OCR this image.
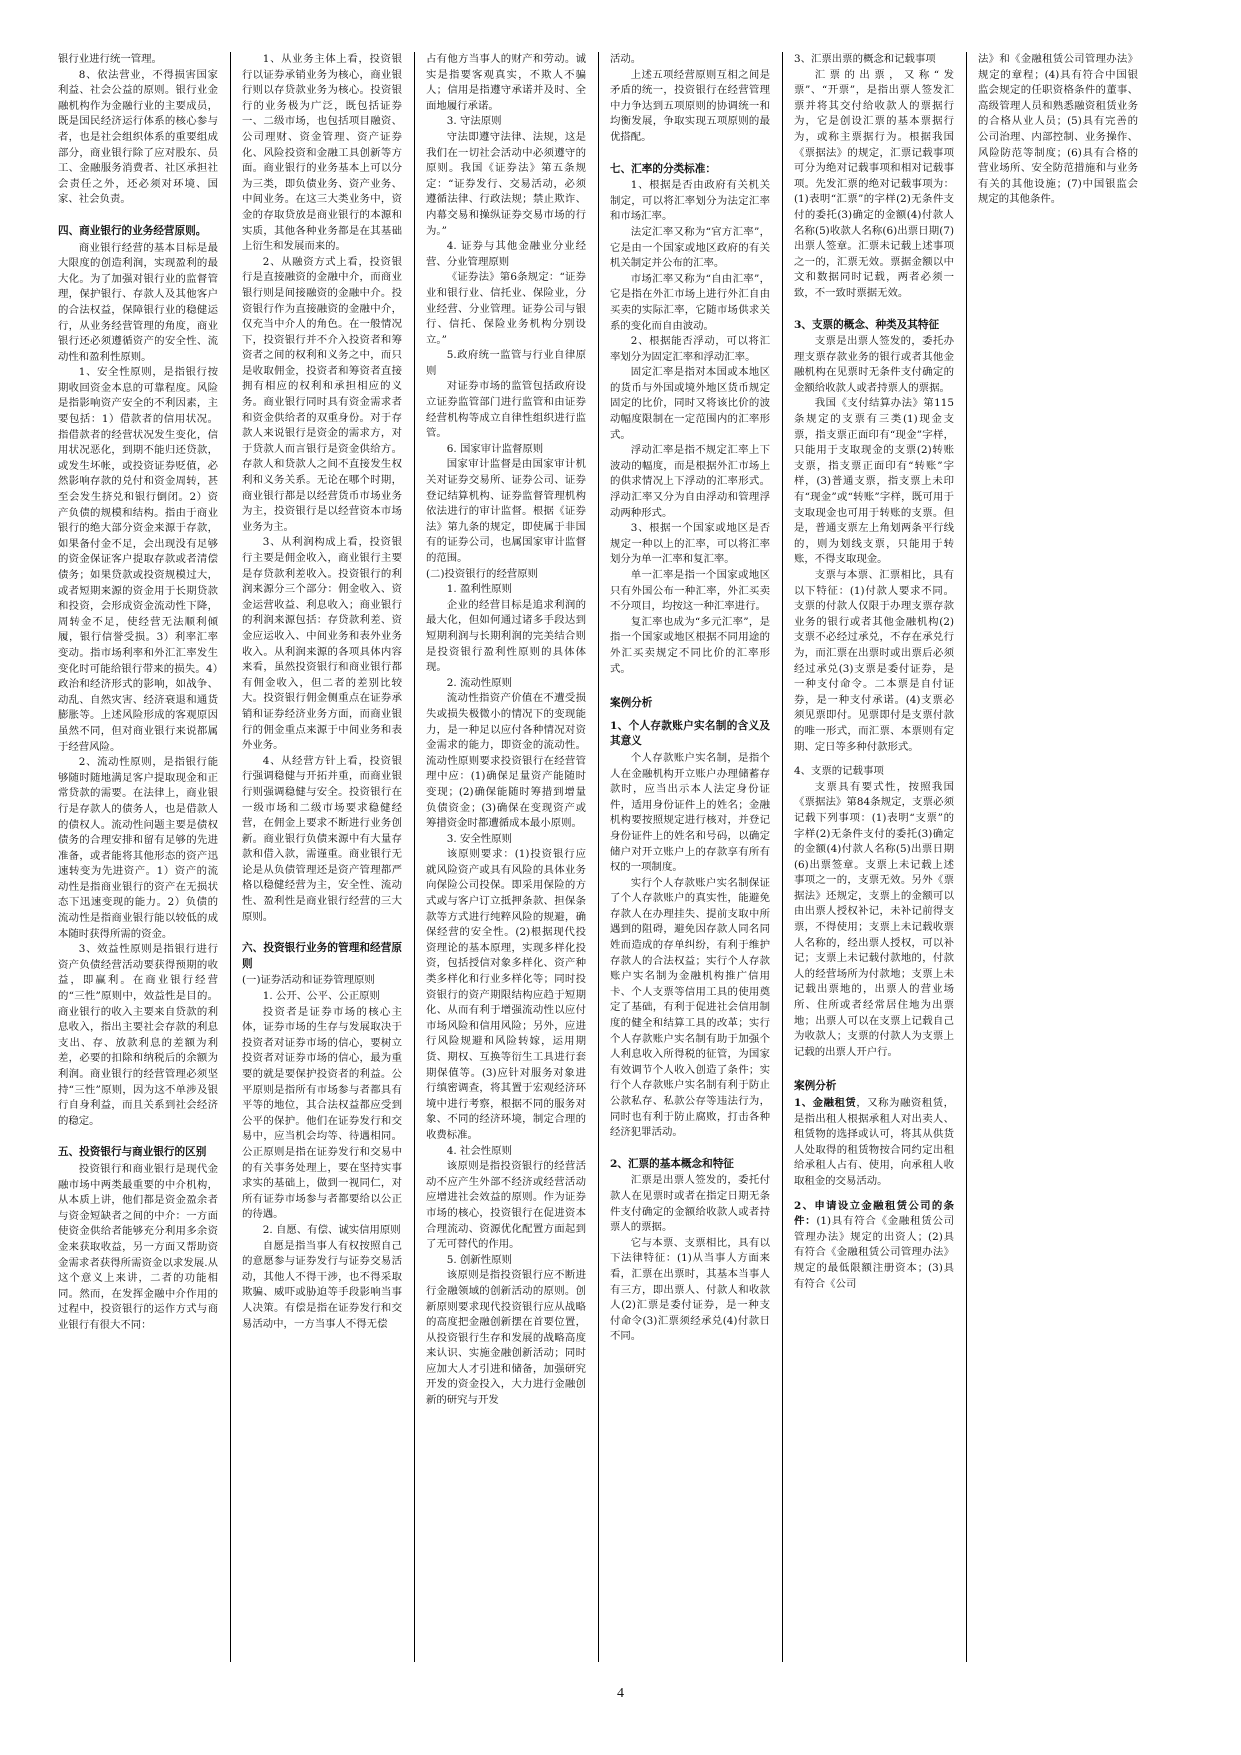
银行业进行统一管理。

8、依法营业，不得损害国家利益、社会公益的原则。银行业金融机构作为金融行业的主要成员，既是国民经济运行体系的核心参与者，也是社会组织体系的重要组成部分，商业银行除了应对股东、员工、金融服务消费者、社区承担社会责任之外，还必须对环境、国家、社会负责。

四、商业银行的业务经营原则。

商业银行经营的基本目标是最大限度的创造利润，实现盈利的最大化。为了加强对银行业的监督管理，保护银行、存款人及其他客户的合法权益，保障银行业的稳健运行，从业务经营管理的角度，商业银行还必须遵循资产的安全性、流动性和盈利性原则。

1、安全性原则，是指银行按期收回资金本息的可靠程度。风险是指影响资产安全的不利因素，主要包括：1）借款者的信用状况。指借款者的经营状况发生变化，信用状况恶化，到期不能归还贷款，或发生坏帐，或投资证券贬值，必然影响存款的兑付和资金周转，甚至会发生挤兑和银行倒闭。2）资产负债的规模和结构。指由于商业银行的绝大部分资金来源于存款，如果备付金不足，会出现没有足够的资金保证客户提取存款或者清偿债务；如果贷款或投资规模过大，或者短期来源的资金用于长期贷款和投资，会形成资金流动性下降，周转金不足，使经营无法顺利倾履，银行信誉受损。3）利率汇率变动。指市场利率和外汇汇率发生变化时可能给银行带来的损失。4）政治和经济形式的影响，如战争、动乱、自然灾害、经济衰退和通货膨胀等。上述风险形成的客观原因虽然不同，但对商业银行来说都属于经营风险。

2、流动性原则，是指银行能够随时随地满足客户提取现金和正常贷款的需要。在法律上，商业银行是存款人的债务人，也是借款人的债权人。流动性问题主要是债权债务的合理安排和留有足够的先进准备，或者能将其他形态的资产迅速转变为先进资产。1）资产的流动性是指商业银行的资产在无损状态下迅速变现的能力。2）负债的流动性是指商业银行能以较低的成本随时获得所需的资金。

3、效益性原则是指银行进行资产负债经营活动要获得预期的收益，即赢利。在商业银行经营的“三性”原则中，效益性是目的。商业银行的收入主要来自贷款的利息收入，指出主要社会存款的利息支出、存、放款利息的差额为利差，必要的扣除和纳税后的余额为利润。商业银行的经营管理必须坚持“三性”原则，因为这不单涉及银行自身利益，而且关系到社会经济的稳定。

五、投资银行与商业银行的区别

投资银行和商业银行是现代金融市场中两类最重要的中介机构，从本质上讲，他们都是资金盈余者与资金短缺者之间的中介：一方面使资金供给者能够充分利用多余资金来获取收益，另一方面又帮助资金需求者获得所需资金以求发展.从这个意义上来讲，二者的功能相同。然而，在发挥金融中介作用的过程中，投资银行的运作方式与商业银行有很大不同：

1、从业务主体上看，投资银行以证券承销业务为核心，商业银行则以存贷款业务为核心。投资银行的业务极为广泛，既包括证券一、二级市场，也包括项目融资、公司理财、资金管理、资产证券化、风险投资和金融工具创新等方面。商业银行的业务基本上可以分为三类，即负债业务、资产业务、中间业务。在这三大类业务中，资金的存取贷放是商业银行的本源和实质，其他各种业务都是在其基础上衍生和发展而来的。

2、从融资方式上看，投资银行是直接融资的金融中介，而商业银行则是间接融资的金融中介。投资银行作为直接融资的金融中介，仅充当中介人的角色。在一般情况下，投资银行并不介入投资者和筹资者之间的权利和义务之中，而只是收取佣金，投资者和筹资者直接拥有相应的权利和承担相应的义务。商业银行同时具有资金需求者和资金供给者的双重身份。对于存款人来说银行是资金的需求方，对于贷款人而言银行是资金供给方。存款人和贷款人之间不直接发生权利和义务关系。无论在哪个时期，商业银行都是以经营货币市场业务为主，投资银行是以经营资本市场业务为主。

3、从利润构成上看，投资银行主要是佣金收入，商业银行主要是存贷款利差收入。投资银行的利润来源分三个部分：佣金收入、资金运营收益、利息收入；商业银行的利润来源包括：存贷款利差、资金应运收入、中间业务和表外业务收入。从利润来源的各项具体内容来看，虽然投资银行和商业银行都有佣金收入，但二者的差别比较大。投资银行佣金侧重点在证券承销和证券经济业务方面，而商业银行的佣金重点来源于中间业务和表外业务。

4、从经营方针上看，投资银行强调稳健与开拓并重，而商业银行则强调稳健与安全。投资银行在一级市场和二级市场要求稳健经营，在佣金上要求不断进行业务创新。商业银行负债来源中有大量存款和借入款，需谨重。商业银行无论是从负债管理还是资产管理都严格以稳健经营为主，安全性、流动性、盈利性是商业银行经营的三大原则。

六、投资银行业务的管理和经营原则

(一)证券活动和证券管理原则

1. 公开、公平、公正原则

投资者是证券市场的核心主体，证券市场的生存与发展取决于投资者对证券市场的信心，要树立投资者对证券市场的信心，最为重要的就是要保护投资者的利益。公平原则是指所有市场参与者都具有平等的地位，其合法权益都应受到公平的保护。他们在证券发行和交易中，应当机会均等、待遇相同。公正原则是指在证券发行和交易中的有关事务处理上，要在坚持实事求实的基础上，做到一视同仁，对所有证券市场参与者都要给以公正的待遇。

2. 自愿、有偿、诚实信用原则

自愿是指当事人有权按照自己的意愿参与证券发行与证券交易活动，其他人不得干涉，也不得采取欺骗、威吓或胁迫等手段影响当事人决策。有偿是指在证券发行和交易活动中，一方当事人不得无偿

占有他方当事人的财产和劳动。诚实是指要客观真实，不欺人不骗人；信用是指遵守承诺并及时、全面地履行承诺。

3. 守法原则

守法即遵守法律、法规，这是我们在一切社会活动中必须遵守的原则。我国《证券法》第五条规定：“证券发行、交易活动，必须遵循法律、行政法规；禁止欺诈、内幕交易和操纵证券交易市场的行为。”

4. 证券与其他金融业分业经营、分业管理原则

《证券法》第6条规定：“证券业和银行业、信托业、保险业，分业经营、分业管理。证券公司与银行、信托、保险业务机构分别设立。”

5.政府统一监管与行业自律原则

对证券市场的监管包括政府设立证券监管部门进行监管和由证券经营机构等成立自律性组织进行监管。

6. 国家审计监督原则

国家审计监督是由国家审计机关对证券交易所、证券公司、证券登记结算机构、证券监督管理机构依法进行的审计监督。根据《证券法》第九条的规定，即使属于非国有的证券公司，也属国家审计监督的范围。

(二)投资银行的经营原则

1. 盈利性原则

企业的经营目标是追求利润的最大化，但如何通过诸多手段达到短期利润与长期利润的完美结合则是投资银行盈利性原则的具体体现。

2. 流动性原则

流动性指资产价值在不遭受损失或损失极微小的情况下的变现能力，是一种足以应付各种情况对资金需求的能力，即资金的流动性。流动性原则要求投资银行在经营管理中应：(1)确保足量资产能随时变现；(2)确保能随时筹措到增量负债资金；(3)确保在变现资产或筹措资金时都遭循成本最小原则。

3. 安全性原则

该原则要求：(1)投资银行应就风险资产或具有风险的具体业务向保险公司投保。即采用保险的方式或与客户订立抵押条款、担保条款等方式进行纯粹风险的规避，确保经营的安全性。(2)根据现代投资理论的基本原理，实现多样化投资，包括授信对象多样化、资产种类多样化和行业多样化等；同时投资银行的资产期限结构应趋于短期化、从而有利于增强流动性以应付市场风险和信用风险；另外，应进行风险规避和风险转嫁，运用期货、期权、互换等衍生工具进行套期保值等。(3)应针对服务对象进行缜密调查，将其置于宏观经济环境中进行考察，根据不同的服务对象、不同的经济环境，制定合理的收费标准。

4. 社会性原则

该原则是指投资银行的经营活动不应产生外部不经济或经营活动应增进社会效益的原则。作为证券市场的核心，投资银行在促进资本合理流动、资源优化配置方面起到了无可替代的作用。

5. 创新性原则

该原则是指投资银行应不断进行金融领域的创新活动的原则。创新原则要求现代投资银行应从战略的高度把金融创新摆在首要位置，从投资银行生存和发展的战略高度来认识、实施金融创新活动；同时应加大人才引进和储备，加强研究开发的资金投入，大力进行金融创新的研究与开发

活动。

上述五项经营原则互相之间是矛盾的统一，投资银行在经营管理中力争达到五项原则的协调统一和均衡发展，争取实现五项原则的最优搭配。

七、汇率的分类标准：

1、根据是否由政府有关机关制定，可以将汇率划分为法定汇率和市场汇率。

法定汇率又称为“官方汇率”，它是由一个国家或地区政府的有关机关制定并公布的汇率。

市场汇率又称为“自由汇率”，它是指在外汇市场上进行外汇自由买卖的实际汇率，它随市场供求关系的变化而自由波动。

2、根据能否浮动，可以将汇率划分为固定汇率和浮动汇率。

固定汇率是指对本国或本地区的货币与外国或境外地区货币规定固定的比价，同时又将该比价的波动幅度限制在一定范围内的汇率形式。

浮动汇率是指不规定汇率上下波动的幅度，而是根据外汇市场上的供求情况上下浮动的汇率形式。浮动汇率又分为自由浮动和管理浮动两种形式。

3、根据一个国家或地区是否规定一种以上的汇率，可以将汇率划分为单一汇率和复汇率。

单一汇率是指一个国家或地区只有外国公布一种汇率，外汇买卖不分项目，均按这一种汇率进行。

复汇率也成为“多元汇率”，是指一个国家或地区根据不同用途的外汇买卖规定不同比价的汇率形式。

案例分析
1、个人存款账户实名制的含义及其意义

个人存款账户实名制，是指个人在金融机构开立账户办理储蓄存款时，应当出示本人法定身份证件，适用身份证件上的姓名；金融机构要按照规定进行核对，并登记身份证件上的姓名和号码，以确定储户对开立账户上的存款享有所有权的一项制度。

实行个人存款账户实名制保证了个人存款账户的真实性，能避免存款人在办理挂失、提前支取中所遇到的阻碍，避免因存款人同名同姓而造成的存单纠纷，有利于维护存款人的合法权益；实行个人存款账户实名制为金融机构推广信用卡、个人支票等信用工具的使用奠定了基础，有利于促进社会信用制度的健全和结算工具的改革；实行个人存款账户实名制有助于加强个人利息收入所得税的征管，为国家有效调节个人收入创造了条件；实行个人存款账户实名制有利于防止公款私存、私款公存等违法行为，同时也有利于防止腐败，打击各种经济犯罪活动。

2、汇票的基本概念和特征

汇票是出票人签发的，委托付款人在见票时或者在指定日期无条件支付确定的金额给收款人或者持票人的票据。

它与本票、支票相比，具有以下法律特征：(1)从当事人方面来看，汇票在出票时，其基本当事人有三方，即出票人、付款人和收款人(2)汇票是委付证券，是一种支付命令(3)汇票须经承兑(4)付款日不同。

3、汇票出票的概念和记载事项

汇票的出票，又称“发票”、“开票”，是指出票人签发汇票并将其交付给收款人的票据行为，它是创设汇票的基本票据行为，或称主票据行为。根据我国《票据法》的规定，汇票记载事项可分为绝对记载事项和相对记载事项。先发汇票的绝对记载事项为：(1)表明“汇票”的字样(2)无条件支付的委托(3)确定的金额(4)付款人名称(5)收款人名称(6)出票日期(7)出票人签章。汇票未记载上述事项之一的，汇票无效。票据金额以中文和数据同时记载，两者必须一致，不一致时票据无效。

3、支票的概念、种类及其特征

支票是出票人签发的，委托办理支票存款业务的银行或者其他金融机构在见票时无条件支付确定的金额给收款人或者持票人的票据。

我国《支付结算办法》第115条规定的支票有三类(1)现金支票，指支票正面印有“现金”字样，只能用于支取现金的支票(2)转账支票，指支票正面印有“转账”字样，(3)普通支票，指支票上未印有“现金”或“转账”字样，既可用于支取现金也可用于转账的支票。但是，普通支票左上角划两条平行线的，则为划线支票，只能用于转账，不得支取现金。

支票与本票、汇票相比，具有以下特征：(1)付款人要求不同。支票的付款人仅限于办理支票存款业务的银行或者其他金融机构(2)支票不必经过承兑，不存在承兑行为，而汇票在出票时或出票后必须经过承兑(3)支票是委付证券，是一种支付命令。二本票是自付证券，是一种支付承诺。(4)支票必须见票即付。见票即付是支票付款的唯一形式，而汇票、本票则有定期、定日等多种付款形式。

4、支票的记载事项

支票具有要式性，按照我国《票据法》第84条规定，支票必须记载下列事项：(1)表明“支票”的字样(2)无条件支付的委托(3)确定的金额(4)付款人名称(5)出票日期(6)出票签章。支票上未记载上述事项之一的，支票无效。另外《票据法》还规定，支票上的金额可以由出票人授权补记，未补记前得支票，不得使用；支票上未记载收票人名称的，经出票人授权，可以补记；支票上未记载付款地的，付款人的经营场所为付款地；支票上未记载出票地的，出票人的营业场所、住所或者经常居住地为出票地；出票人可以在支票上记载自己为收款人；支票的付款人为支票上记载的出票人开户行。

案例分析

1、金融租赁，又称为融资租赁，是指出租人根据承租人对出卖人、租赁物的选择或认可，将其从供货人处取得的租赁物按合同约定出租给承租人占有、使用，向承租人收取租金的交易活动。

2、申请设立金融租赁公司的条件：(1)具有符合《金融租赁公司管理办法》规定的出资人；(2)具有符合《金融租赁公司管理办法》规定的最低限额注册资本；(3)具有符合《公司

法》和《金融租赁公司管理办法》规定的章程；(4)具有符合中国银监会规定的任职资格条件的董事、高级管理人员和熟悉融资租赁业务的合格从业人员；(5)具有完善的公司治理、内部控制、业务操作、风险防范等制度；(6)具有合格的营业场所、安全防范措施和与业务有关的其他设施；(7)中国银监会规定的其他条件。

4
